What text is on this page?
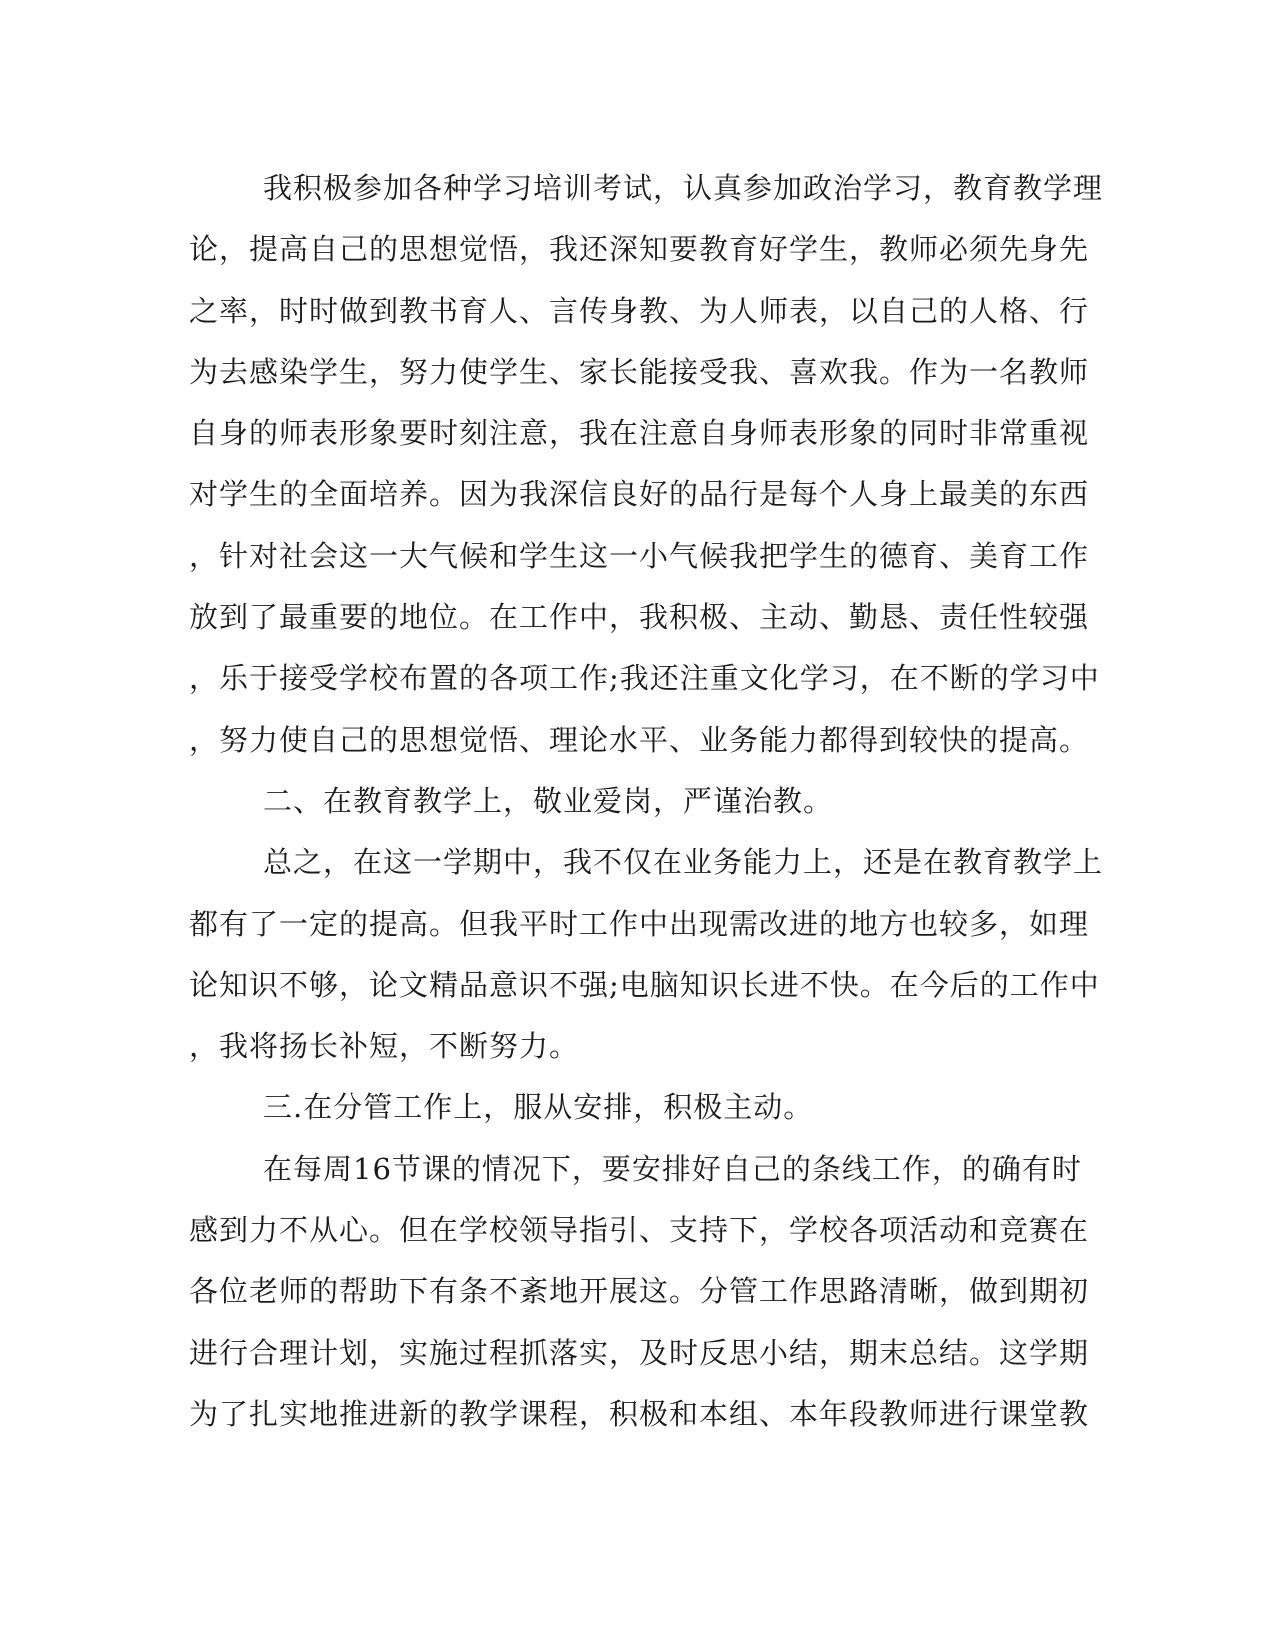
我积极参加各种学习培训考试，认真参加政治学习，教育教学理
论，提高自己的思想觉悟，我还深知要教育好学生，教师必须先身先
之率，时时做到教书育人、言传身教、为人师表，以自己的人格、行
为去感染学生，努力使学生、家长能接受我、喜欢我。作为一名教师
自身的师表形象要时刻注意，我在注意自身师表形象的同时非常重视
对学生的全面培养。因为我深信良好的品行是每个人身上最美的东西
，针对社会这一大气候和学生这一小气候我把学生的德育、美育工作
放到了最重要的地位。在工作中，我积极、主动、勤恳、责任性较强
，乐于接受学校布置的各项工作;我还注重文化学习，在不断的学习中
，努力使自己的思想觉悟、理论水平、业务能力都得到较快的提高。
二、在教育教学上，敬业爱岗，严谨治教。
总之，在这一学期中，我不仅在业务能力上，还是在教育教学上
都有了一定的提高。但我平时工作中出现需改进的地方也较多，如理
论知识不够，论文精品意识不强;电脑知识长进不快。在今后的工作中
，我将扬长补短，不断努力。
三.在分管工作上，服从安排，积极主动。
在每周16节课的情况下，要安排好自己的条线工作，的确有时
感到力不从心。但在学校领导指引、支持下，学校各项活动和竞赛在
各位老师的帮助下有条不紊地开展这。分管工作思路清晰，做到期初
进行合理计划，实施过程抓落实，及时反思小结，期末总结。这学期
为了扎实地推进新的教学课程，积极和本组、本年段教师进行课堂教
